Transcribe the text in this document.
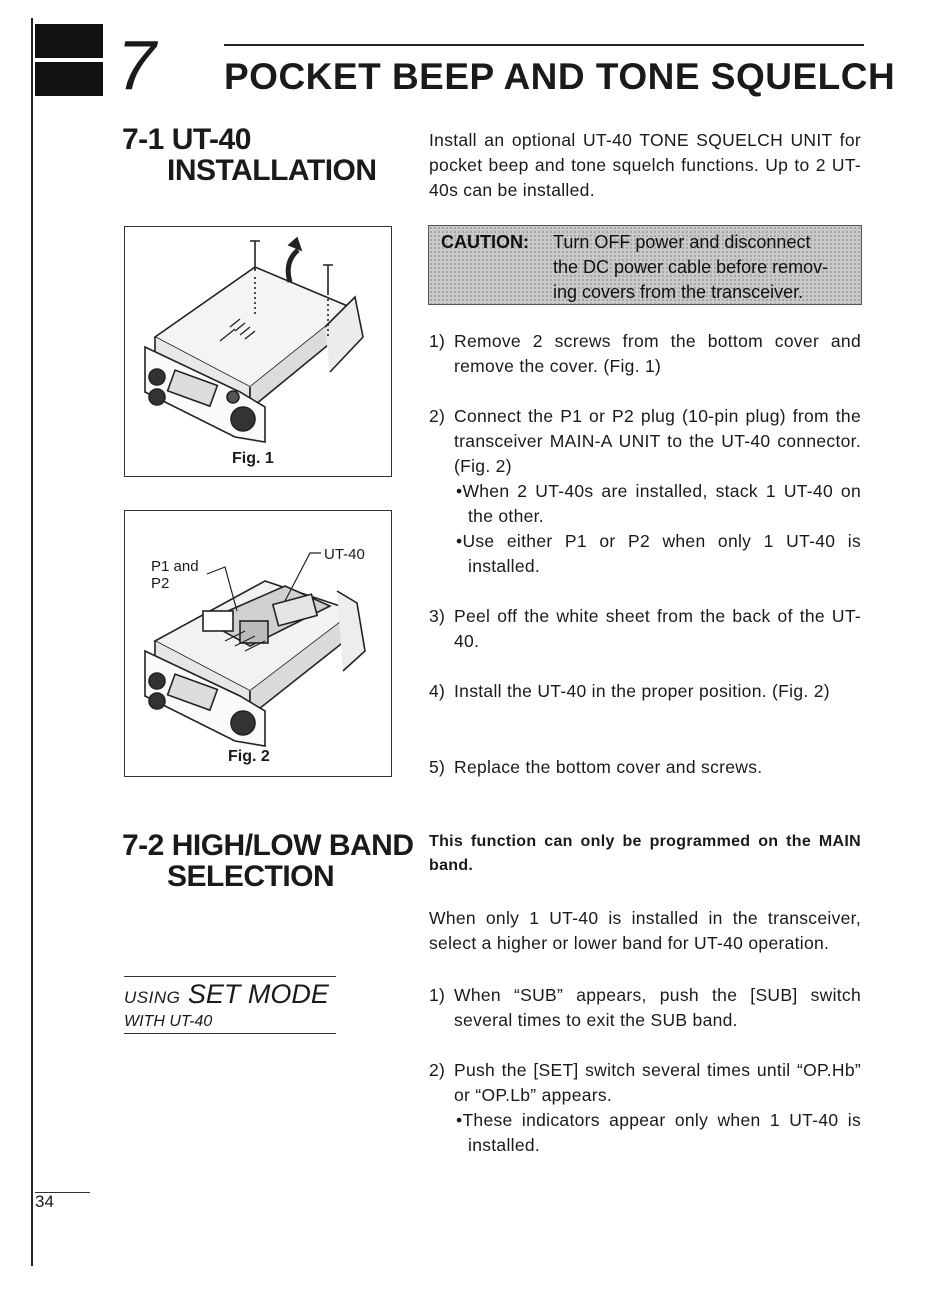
7 POCKET BEEP AND TONE SQUELCH
7-1 UT-40
INSTALLATION
Install an optional UT-40 TONE SQUELCH UNIT for pocket beep and tone squelch functions. Up to 2 UT-40s can be installed.
CAUTION: Turn OFF power and disconnect
the DC power cable before remov-
ing covers from the transceiver.
Fig. 1
P1 and
P2
UT-40
Fig. 2
1) Remove 2 screws from the bottom cover and remove the cover. (Fig. 1)
2) Connect the P1 or P2 plug (10-pin plug) from the transceiver MAIN-A UNIT to the UT-40 connector. (Fig. 2)
•When 2 UT-40s are installed, stack 1 UT-40 on the other.
•Use either P1 or P2 when only 1 UT-40 is installed.
3) Peel off the white sheet from the back of the UT-40.
4) Install the UT-40 in the proper position. (Fig. 2)
5) Replace the bottom cover and screws.
7-2 HIGH/LOW BAND
SELECTION
This function can only be programmed on the MAIN band.
When only 1 UT-40 is installed in the transceiver, select a higher or lower band for UT-40 operation.
USING SET MODE
WITH UT-40
1) When “SUB” appears, push the [SUB] switch several times to exit the SUB band.
2) Push the [SET] switch several times until “OP.Hb” or “OP.Lb” appears.
•These indicators appear only when 1 UT-40 is installed.
34
